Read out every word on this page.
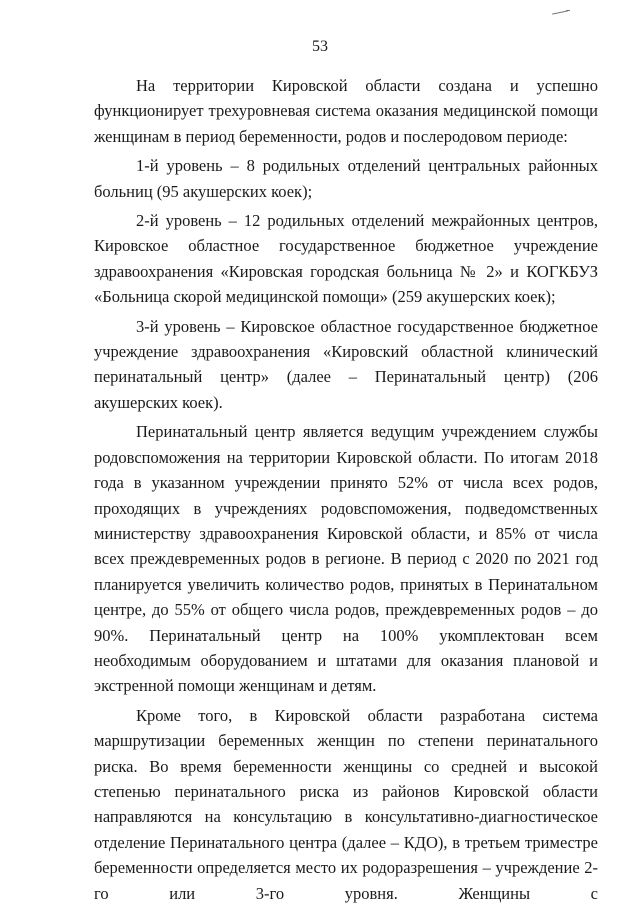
53

На территории Кировской области создана и успешно функционирует трехуровневая система оказания медицинской помощи женщинам в период беременности, родов и послеродовом периоде:

1-й уровень – 8 родильных отделений центральных районных больниц (95 акушерских коек);

2-й уровень – 12 родильных отделений межрайонных центров, Кировское областное государственное бюджетное учреждение здравоохранения «Кировская городская больница № 2» и КОГКБУЗ «Больница скорой медицинской помощи» (259 акушерских коек);

3-й уровень – Кировское областное государственное бюджетное учреждение здравоохранения «Кировский областной клинический перинатальный центр» (далее – Перинатальный центр) (206 акушерских коек).

Перинатальный центр является ведущим учреждением службы родовспоможения на территории Кировской области. По итогам 2018 года в указанном учреждении принято 52% от числа всех родов, проходящих в учреждениях родовспоможения, подведомственных министерству здравоохранения Кировской области, и 85% от числа всех преждевременных родов в регионе. В период с 2020 по 2021 год планируется увеличить количество родов, принятых в Перинатальном центре, до 55% от общего числа родов, преждевременных родов – до 90%. Перинатальный центр на 100% укомплектован всем необходимым оборудованием и штатами для оказания плановой и экстренной помощи женщинам и детям.

Кроме того, в Кировской области разработана система маршрутизации беременных женщин по степени перинатального риска. Во время беременности женщины со средней и высокой степенью перинатального риска из районов Кировской области направляются на консультацию в консультативно-диагностическое отделение Перинатального центра (далее – КДО), в третьем триместре беременности определяется место их родоразрешения – учреждение 2-го или 3-го уровня. Женщины с
